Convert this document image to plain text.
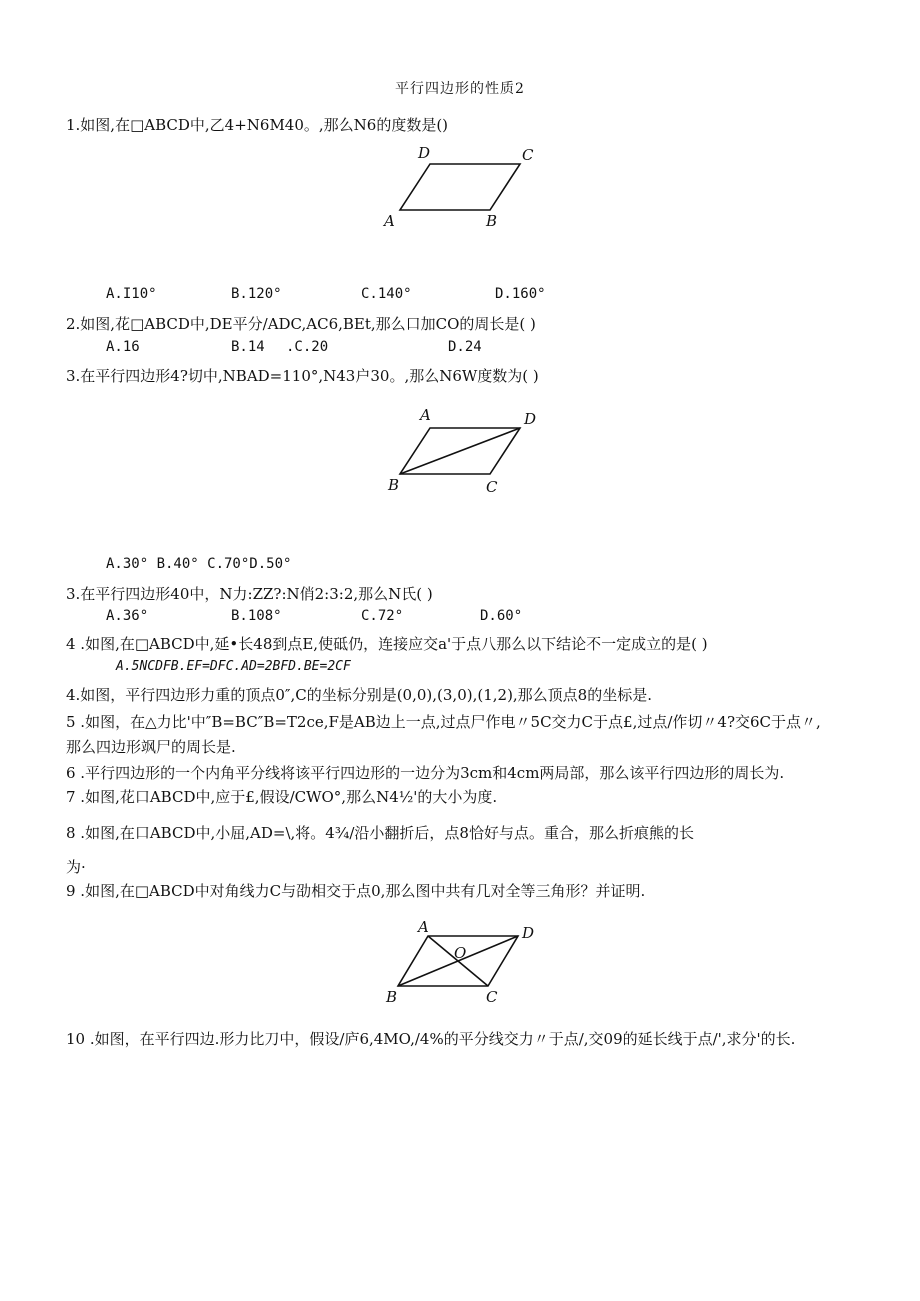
平行四边形的性质2
1.如图,在□ABCD中,乙4+N6M40。,那么N6的度数是()
A	B
C
D
A.I10°	B.120°	C.140°	D.160°
2.如图,花□ABCD中,DE平分/ADC,AC6,BEt,那么口加CO的周长是( )
A.16	B.14 .C.20	D.24
3.在平行四边形4?切中,NBAD=110°,N43户30。,那么N6W度数为( )
B	C
D
A
A.30° B.40° C.70°D.50°
3.在平行四边形40中，N力:ZZ?:N俏2:3:2,那么N氏( )
A.36°	B.108°	C.72°	D.60°
4 .如图,在□ABCD中,延•长48到点E,使砥仍，连接应交a'于点八那么以下结论不一定成立的是( )
A.5NCDFB.EF=DFC.AD=2BFD.BE=2CF
4.如图，平行四边形力重的顶点0″,C的坐标分别是(0,0),(3,0),(1,2),那么顶点8的坐标是.
5 .如图，在△力比'中″B=BC″B=T2ce,F是AB边上一点,过点尸作电〃5C交力C于点£,过点/作切〃4?交6C于点〃,
那么四边形飒尸的周长是.
6 .平行四边形的一个内角平分线将该平行四边形的一边分为3cm和4cm两局部，那么该平行四边形的周长为.
7 .如图,花口ABCD中,应于£,假设/CWO°,那么N4½'的大小为度.
8 .如图,在口ABCD中,小屈,AD=\,将。4¾/沿小翻折后，点8恰好与点。重合，那么折痕熊的长
为·
9 .如图,在□ABCD中对角线力C与劭相交于点0,那么图中共有几对全等三角形？并证明.
B	C
D
A
O
10 .如图，在平行四边.形力比刀中，假设/庐6,4MO,/4%的平分线交力〃于点/,交09的延长线于点/',求分'的长.
